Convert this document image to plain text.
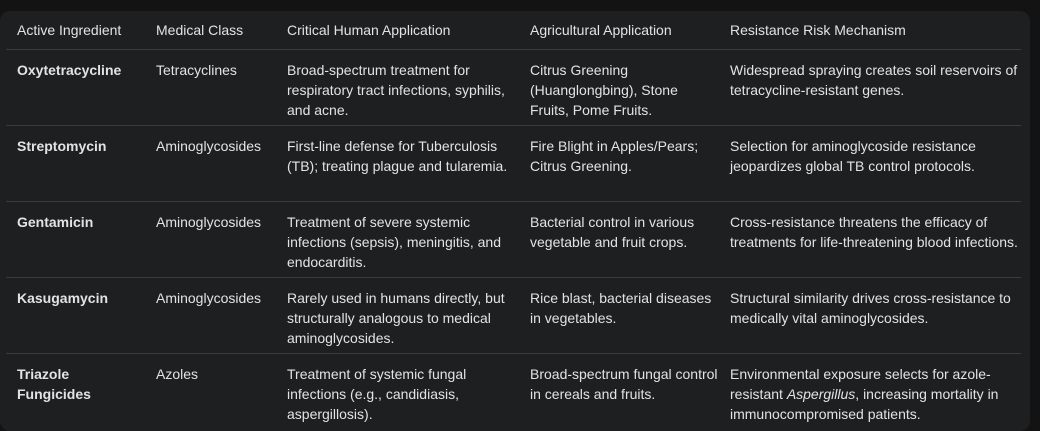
Active Ingredient	Medical Class	Critical Human Application	Agricultural Application	Resistance Risk Mechanism
Oxytetracycline	Tetracyclines	Broad-spectrum treatment for respiratory tract infections, syphilis, and acne.	Citrus Greening (Huanglongbing), Stone Fruits, Pome Fruits.	Widespread spraying creates soil reservoirs of tetracycline-resistant genes.
Streptomycin	Aminoglycosides	First-line defense for Tuberculosis (TB); treating plague and tularemia.	Fire Blight in Apples/Pears; Citrus Greening.	Selection for aminoglycoside resistance jeopardizes global TB control protocols.
Gentamicin	Aminoglycosides	Treatment of severe systemic infections (sepsis), meningitis, and endocarditis.	Bacterial control in various vegetable and fruit crops.	Cross-resistance threatens the efficacy of treatments for life-threatening blood infections.
Kasugamycin	Aminoglycosides	Rarely used in humans directly, but structurally analogous to medical aminoglycosides.	Rice blast, bacterial diseases in vegetables.	Structural similarity drives cross-resistance to medically vital aminoglycosides.
Triazole Fungicides	Azoles	Treatment of systemic fungal infections (e.g., candidiasis, aspergillosis).	Broad-spectrum fungal control in cereals and fruits.	Environmental exposure selects for azole-resistant Aspergillus, increasing mortality in immunocompromised patients.
